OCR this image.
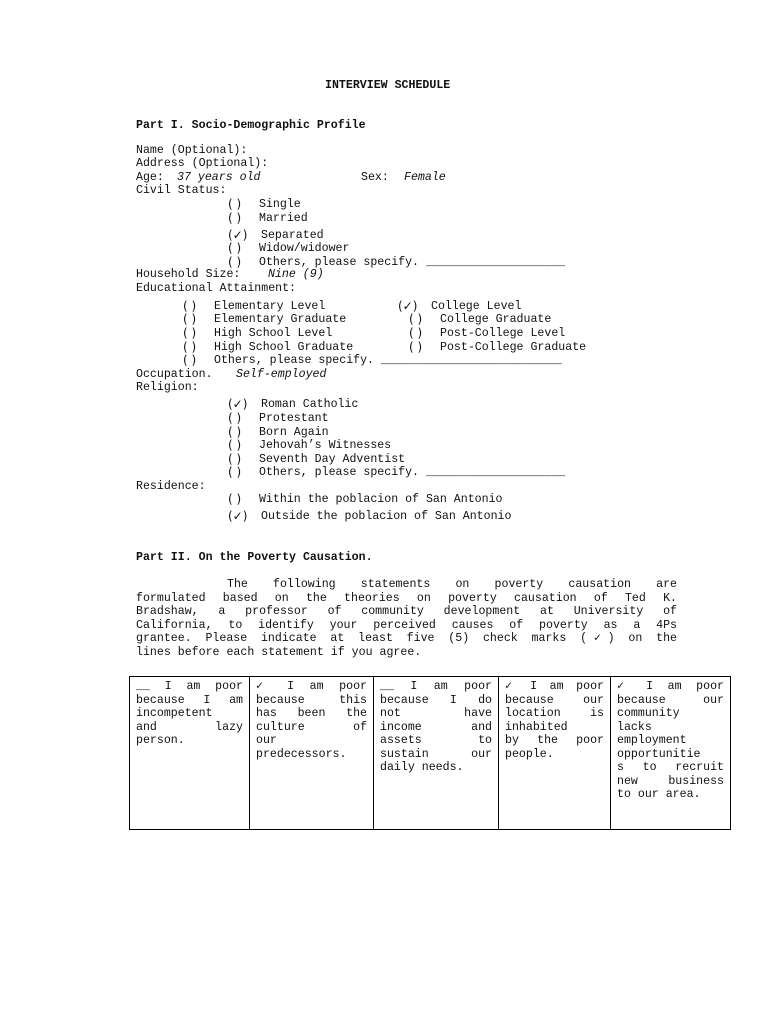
INTERVIEW SCHEDULE
Part I. Socio-Demographic Profile
Name (Optional):
Address (Optional):
Age: 37 years old	Sex: Female
Civil Status:
( ) Single
( ) Married
(✓) Separated
( ) Widow/widower
( ) Others, please specify. ____________________
Household Size: Nine (9)
Educational Attainment:
( ) Elementary Level
( ) Elementary Graduate
( ) High School Level
( ) High School Graduate
( ) Others, please specify. __________________________
(✓) College Level
( ) College Graduate
( ) Post-College Level
( ) Post-College Graduate
Occupation. Self-employed
Religion:
(✓) Roman Catholic
( ) Protestant
( ) Born Again
( ) Jehovah’s Witnesses
( ) Seventh Day Adventist
( ) Others, please specify. ____________________
Residence:
( ) Within the poblacion of San Antonio
(✓) Outside the poblacion of San Antonio
Part II. On the Poverty Causation.
The following statements on poverty causation are
formulated based on the theories on poverty causation of Ted K.
Bradshaw, a professor of community development at University of
California, to identify your perceived causes of poverty as a 4Ps
grantee. Please indicate at least five (5) check marks (✓) on the
lines before each statement if you agree.
__ I am poor
because I am
incompetent
and lazy
person.
✓ I am poor
because this
has been the
culture of
our
predecessors.
__ I am poor
because I do
not have
income and
assets to
sustain our
daily needs.
✓ I am poor
because our
location is
inhabited
by the poor
people.
✓ I am poor
because our
community
lacks
employment
opportunitie
s to recruit
new business
to our area.
